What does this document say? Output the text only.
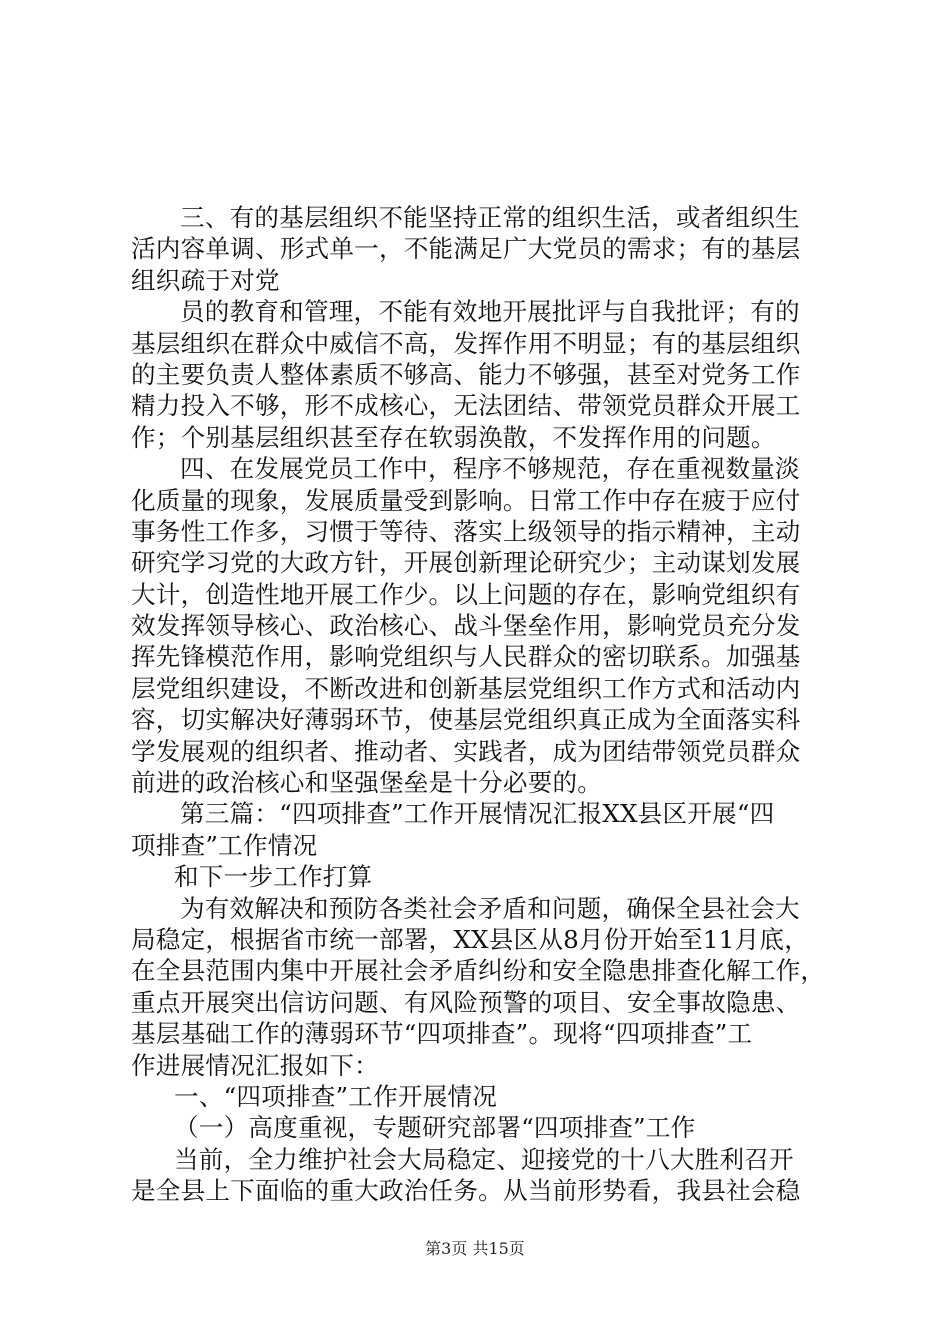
三、有的基层组织不能坚持正常的组织生活，或者组织生
活内容单调、形式单一，不能满足广大党员的需求；有的基层
组织疏于对党
员的教育和管理，不能有效地开展批评与自我批评；有的
基层组织在群众中威信不高，发挥作用不明显；有的基层组织
的主要负责人整体素质不够高、能力不够强，甚至对党务工作
精力投入不够，形不成核心，无法团结、带领党员群众开展工
作；个别基层组织甚至存在软弱涣散，不发挥作用的问题。
四、在发展党员工作中，程序不够规范，存在重视数量淡
化质量的现象，发展质量受到影响。日常工作中存在疲于应付
事务性工作多，习惯于等待、落实上级领导的指示精神，主动
研究学习党的大政方针，开展创新理论研究少；主动谋划发展
大计，创造性地开展工作少。以上问题的存在，影响党组织有
效发挥领导核心、政治核心、战斗堡垒作用，影响党员充分发
挥先锋模范作用，影响党组织与人民群众的密切联系。加强基
层党组织建设，不断改进和创新基层党组织工作方式和活动内
容，切实解决好薄弱环节，使基层党组织真正成为全面落实科
学发展观的组织者、推动者、实践者，成为团结带领党员群众
前进的政治核心和坚强堡垒是十分必要的。
第三篇：“四项排查”工作开展情况汇报XX县区开展“四
项排查”工作情况
和下一步工作打算
为有效解决和预防各类社会矛盾和问题，确保全县社会大
局稳定，根据省市统一部署，XX县区从8月份开始至11月底，
在全县范围内集中开展社会矛盾纠纷和安全隐患排查化解工作，
重点开展突出信访问题、有风险预警的项目、安全事故隐患、
基层基础工作的薄弱环节“四项排查”。现将“四项排查”工
作进展情况汇报如下：
一、“四项排查”工作开展情况
（一）高度重视，专题研究部署“四项排查”工作
当前，全力维护社会大局稳定、迎接党的十八大胜利召开
是全县上下面临的重大政治任务。从当前形势看，我县社会稳
第3页 共15页
